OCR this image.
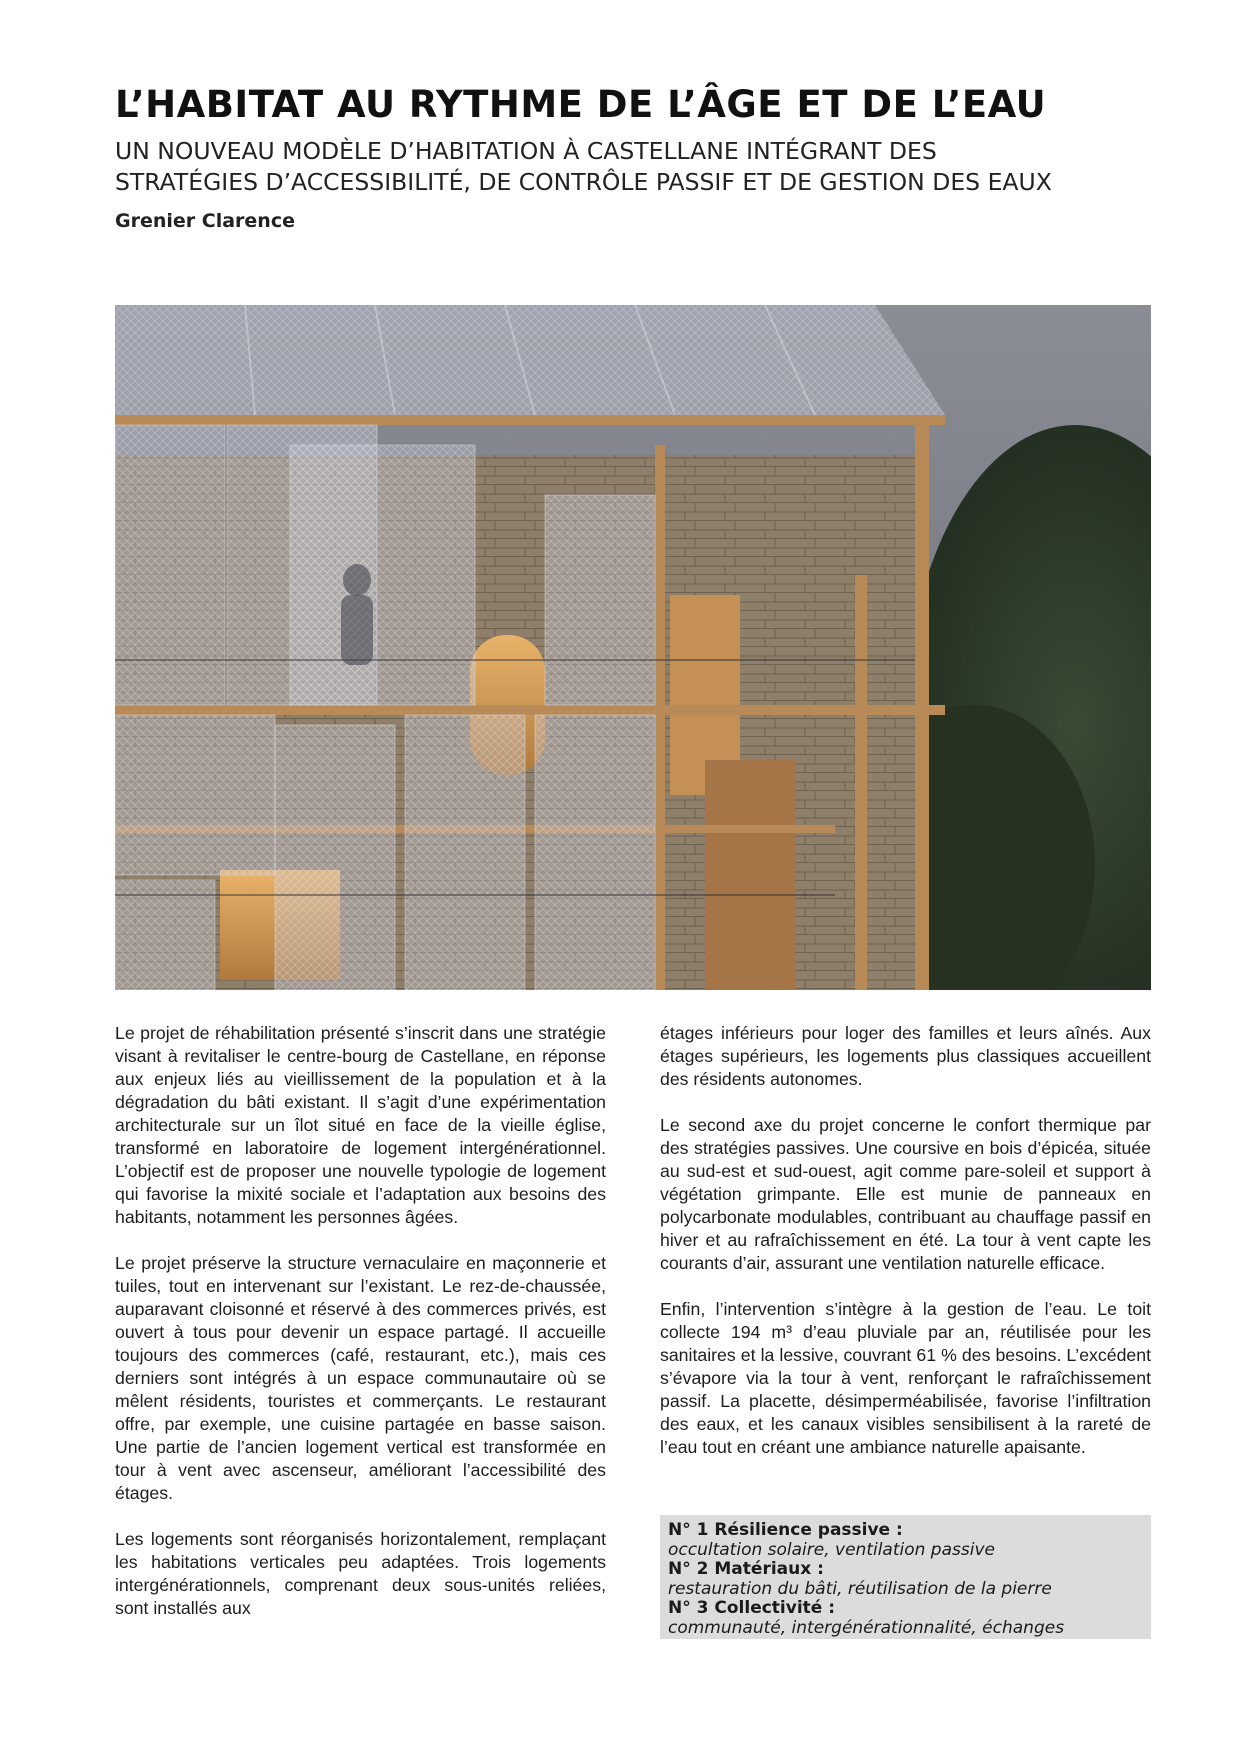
L’HABITAT AU RYTHME DE L’ÂGE ET DE L’EAU
UN NOUVEAU MODÈLE D’HABITATION À CASTELLANE INTÉGRANT DES
STRATÉGIES D’ACCESSIBILITÉ, DE CONTRÔLE PASSIF ET DE GESTION DES EAUX
Grenier Clarence

Le projet de réhabilitation présenté s’inscrit dans une stratégie visant à revitaliser le centre-bourg de Castellane, en réponse aux enjeux liés au vieillissement de la population et à la dégradation du bâti existant. Il s’agit d’une expérimentation architecturale sur un îlot situé en face de la vieille église, transformé en laboratoire de logement intergénérationnel. L’objectif est de proposer une nouvelle typologie de logement qui favorise la mixité sociale et l’adaptation aux besoins des habitants, notamment les personnes âgées.

Le projet préserve la structure vernaculaire en maçonnerie et tuiles, tout en intervenant sur l’existant. Le rez-de-chaussée, auparavant cloisonné et réservé à des commerces privés, est ouvert à tous pour devenir un espace partagé. Il accueille toujours des commerces (café, restaurant, etc.), mais ces derniers sont intégrés à un espace communautaire où se mêlent résidents, touristes et commerçants. Le restaurant offre, par exemple, une cuisine partagée en basse saison. Une partie de l’ancien logement vertical est transformée en tour à vent avec ascenseur, améliorant l’accessibilité des étages.

Les logements sont réorganisés horizontalement, remplaçant les habitations verticales peu adaptées. Trois logements intergénérationnels, comprenant deux sous-unités reliées, sont installés aux

étages inférieurs pour loger des familles et leurs aînés. Aux étages supérieurs, les logements plus classiques accueillent des résidents autonomes.

Le second axe du projet concerne le confort thermique par des stratégies passives. Une coursive en bois d’épicéa, située au sud-est et sud-ouest, agit comme pare-soleil et support à végétation grimpante. Elle est munie de panneaux en polycarbonate modulables, contribuant au chauffage passif en hiver et au rafraîchissement en été. La tour à vent capte les courants d’air, assurant une ventilation naturelle efficace.

Enfin, l’intervention s’intègre à la gestion de l’eau. Le toit collecte 194 m³ d’eau pluviale par an, réutilisée pour les sanitaires et la lessive, couvrant 61 % des besoins. L’excédent s’évapore via la tour à vent, renforçant le rafraîchissement passif. La placette, désimperméabilisée, favorise l’infiltration des eaux, et les canaux visibles sensibilisent à la rareté de l’eau tout en créant une ambiance naturelle apaisante.

N° 1 Résilience passive :
occultation solaire, ventilation passive
N° 2 Matériaux :
restauration du bâti, réutilisation de la pierre
N° 3 Collectivité :
communauté, intergénérationnalité, échanges
